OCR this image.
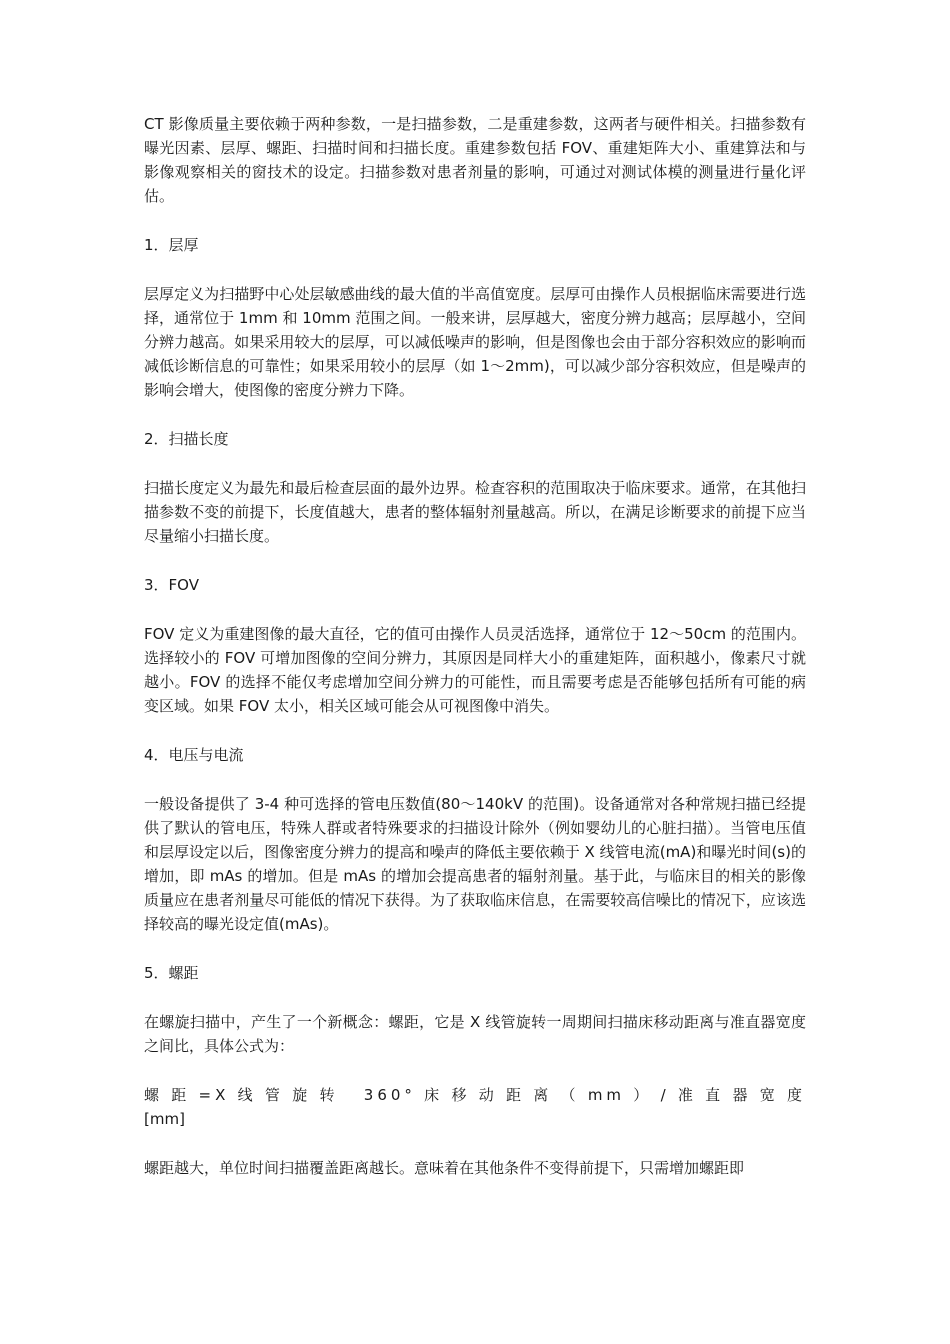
CT 影像质量主要依赖于两种参数，一是扫描参数，二是重建参数，这两者与硬件相关。扫描参数有曝光因素、层厚、螺距、扫描时间和扫描长度。重建参数包括 FOV、重建矩阵大小、重建算法和与影像观察相关的窗技术的设定。扫描参数对患者剂量的影响，可通过对测试体模的测量进行量化评估。

1．层厚

层厚定义为扫描野中心处层敏感曲线的最大值的半高值宽度。层厚可由操作人员根据临床需要进行选择，通常位于 1mm 和 10mm 范围之间。一般来讲，层厚越大，密度分辨力越高；层厚越小，空间分辨力越高。如果采用较大的层厚，可以减低噪声的影响，但是图像也会由于部分容积效应的影响而减低诊断信息的可靠性；如果采用较小的层厚（如 1～2mm)，可以减少部分容积效应，但是噪声的影响会增大，使图像的密度分辨力下降。

2．扫描长度

扫描长度定义为最先和最后检查层面的最外边界。检查容积的范围取决于临床要求。通常，在其他扫描参数不变的前提下，长度值越大，患者的整体辐射剂量越高。所以，在满足诊断要求的前提下应当尽量缩小扫描长度。

3．FOV

FOV 定义为重建图像的最大直径，它的值可由操作人员灵活选择，通常位于 12～50cm 的范围内。选择较小的 FOV 可增加图像的空间分辨力，其原因是同样大小的重建矩阵，面积越小，像素尺寸就越小。FOV 的选择不能仅考虑增加空间分辨力的可能性，而且需要考虑是否能够包括所有可能的病变区域。如果 FOV 太小，相关区域可能会从可视图像中消失。

4．电压与电流

一般设备提供了 3-4 种可选择的管电压数值(80～140kV 的范围)。设备通常对各种常规扫描已经提供了默认的管电压，特殊人群或者特殊要求的扫描设计除外（例如婴幼儿的心脏扫描）。当管电压值和层厚设定以后，图像密度分辨力的提高和噪声的降低主要依赖于 X 线管电流(mA)和曝光时间(s)的增加，即 mAs 的增加。但是 mAs 的增加会提高患者的辐射剂量。基于此，与临床目的相关的影像质量应在患者剂量尽可能低的情况下获得。为了获取临床信息，在需要较高信噪比的情况下，应该选择较高的曝光设定值(mAs)。

5．螺距

在螺旋扫描中，产生了一个新概念：螺距，它是 X 线管旋转一周期间扫描床移动距离与准直器宽度之间比，具体公式为：

螺距=X线管旋转 360°床移动距离（mm）/准直器宽度
[mm]

螺距越大，单位时间扫描覆盖距离越长。意味着在其他条件不变得前提下，只需增加螺距即
